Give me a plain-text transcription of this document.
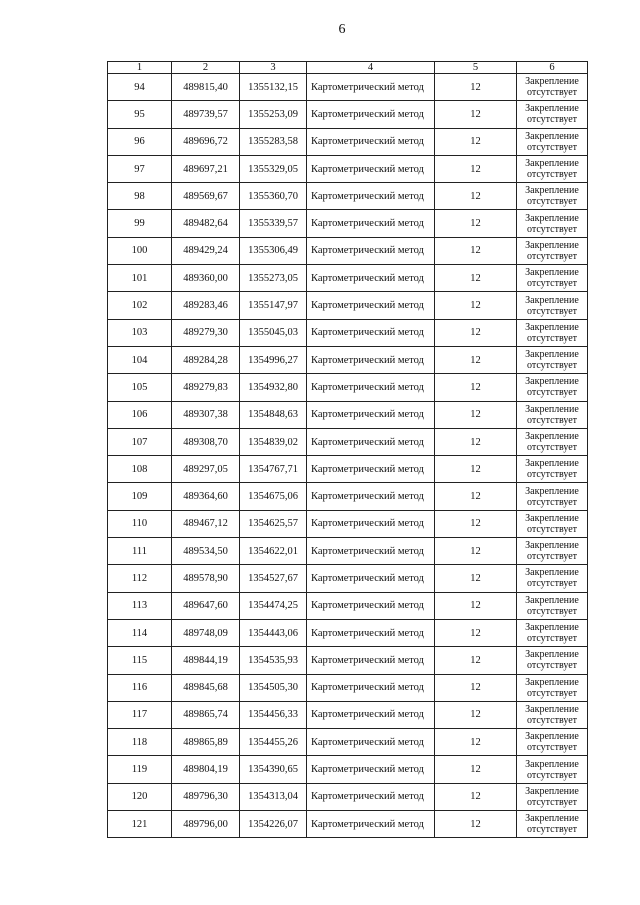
6
1	2	3	4	5	6
94	489815,40	1355132,15	Картометрический метод	12	Закрепление отсутствует
95	489739,57	1355253,09	Картометрический метод	12	Закрепление отсутствует
96	489696,72	1355283,58	Картометрический метод	12	Закрепление отсутствует
97	489697,21	1355329,05	Картометрический метод	12	Закрепление отсутствует
98	489569,67	1355360,70	Картометрический метод	12	Закрепление отсутствует
99	489482,64	1355339,57	Картометрический метод	12	Закрепление отсутствует
100	489429,24	1355306,49	Картометрический метод	12	Закрепление отсутствует
101	489360,00	1355273,05	Картометрический метод	12	Закрепление отсутствует
102	489283,46	1355147,97	Картометрический метод	12	Закрепление отсутствует
103	489279,30	1355045,03	Картометрический метод	12	Закрепление отсутствует
104	489284,28	1354996,27	Картометрический метод	12	Закрепление отсутствует
105	489279,83	1354932,80	Картометрический метод	12	Закрепление отсутствует
106	489307,38	1354848,63	Картометрический метод	12	Закрепление отсутствует
107	489308,70	1354839,02	Картометрический метод	12	Закрепление отсутствует
108	489297,05	1354767,71	Картометрический метод	12	Закрепление отсутствует
109	489364,60	1354675,06	Картометрический метод	12	Закрепление отсутствует
110	489467,12	1354625,57	Картометрический метод	12	Закрепление отсутствует
111	489534,50	1354622,01	Картометрический метод	12	Закрепление отсутствует
112	489578,90	1354527,67	Картометрический метод	12	Закрепление отсутствует
113	489647,60	1354474,25	Картометрический метод	12	Закрепление отсутствует
114	489748,09	1354443,06	Картометрический метод	12	Закрепление отсутствует
115	489844,19	1354535,93	Картометрический метод	12	Закрепление отсутствует
116	489845,68	1354505,30	Картометрический метод	12	Закрепление отсутствует
117	489865,74	1354456,33	Картометрический метод	12	Закрепление отсутствует
118	489865,89	1354455,26	Картометрический метод	12	Закрепление отсутствует
119	489804,19	1354390,65	Картометрический метод	12	Закрепление отсутствует
120	489796,30	1354313,04	Картометрический метод	12	Закрепление отсутствует
121	489796,00	1354226,07	Картометрический метод	12	Закрепление отсутствует
